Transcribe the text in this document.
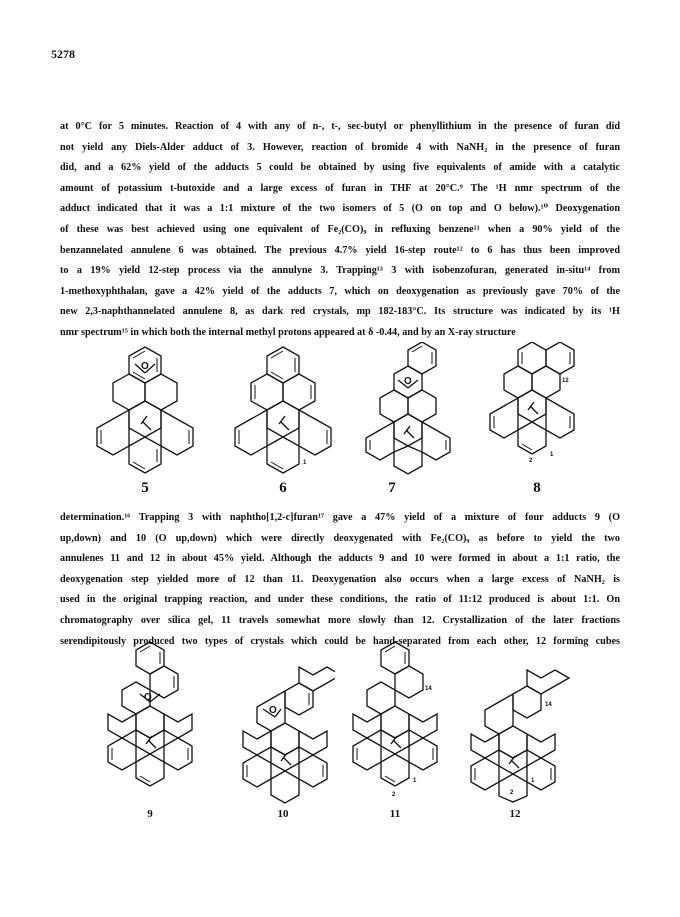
5278
at 0°C for 5 minutes. Reaction of 4 with any of n-, t-, sec-butyl or phenyllithium in the presence of furan did
not yield any Diels-Alder adduct of 3. However, reaction of bromide 4 with NaNH₂ in the presence of furan
did, and a 62% yield of the adducts 5 could be obtained by using five equivalents of amide with a catalytic
amount of potassium t-butoxide and a large excess of furan in THF at 20°C.⁹ The ¹H nmr spectrum of the
adduct indicated that it was a 1:1 mixture of the two isomers of 5 (O on top and O below).¹⁰ Deoxygenation
of these was best achieved using one equivalent of Fe₂(CO)₉ in refluxing benzene¹¹ when a 90% yield of the
benzannelated annulene 6 was obtained. The previous 4.7% yield 16-step route¹² to 6 has thus been improved
to a 19% yield 12-step process via the annulyne 3. Trapping¹³ 3 with isobenzofuran, generated in-situ¹⁴ from
1-methoxyphthalan, gave a 42% yield of the adducts 7, which on deoxygenation as previously gave 70% of the
new 2,3-naphthannelated annulene 8, as dark red crystals, mp 182-183°C. Its structure was indicated by its ¹H
nmr spectrum¹⁵ in which both the internal methyl protons appeared at δ -0.44, and by an X-ray structure
O
5
1
6
O
7
12
1
2
8
determination.¹⁶ Trapping 3 with naphtho[1,2-c]furan¹⁷ gave a 47% yield of a mixture of four adducts 9 (O
up,down) and 10 (O up,down) which were directly deoxygenated with Fe₂(CO)₉ as before to yield the two
annulenes 11 and 12 in about 45% yield. Although the adducts 9 and 10 were formed in about a 1:1 ratio, the
deoxygenation step yielded more of 12 than 11. Deoxygenation also occurs when a large excess of NaNH₂ is
used in the original trapping reaction, and under these conditions, the ratio of 11:12 produced is about 1:1. On
chromatography over silica gel, 11 travels somewhat more slowly than 12. Crystallization of the later fractions
serendipitously produced two types of crystals which could be hand-separated from each other, 12 forming cubes
O
9
O
10
14
1
2
11
14
1
2
12
